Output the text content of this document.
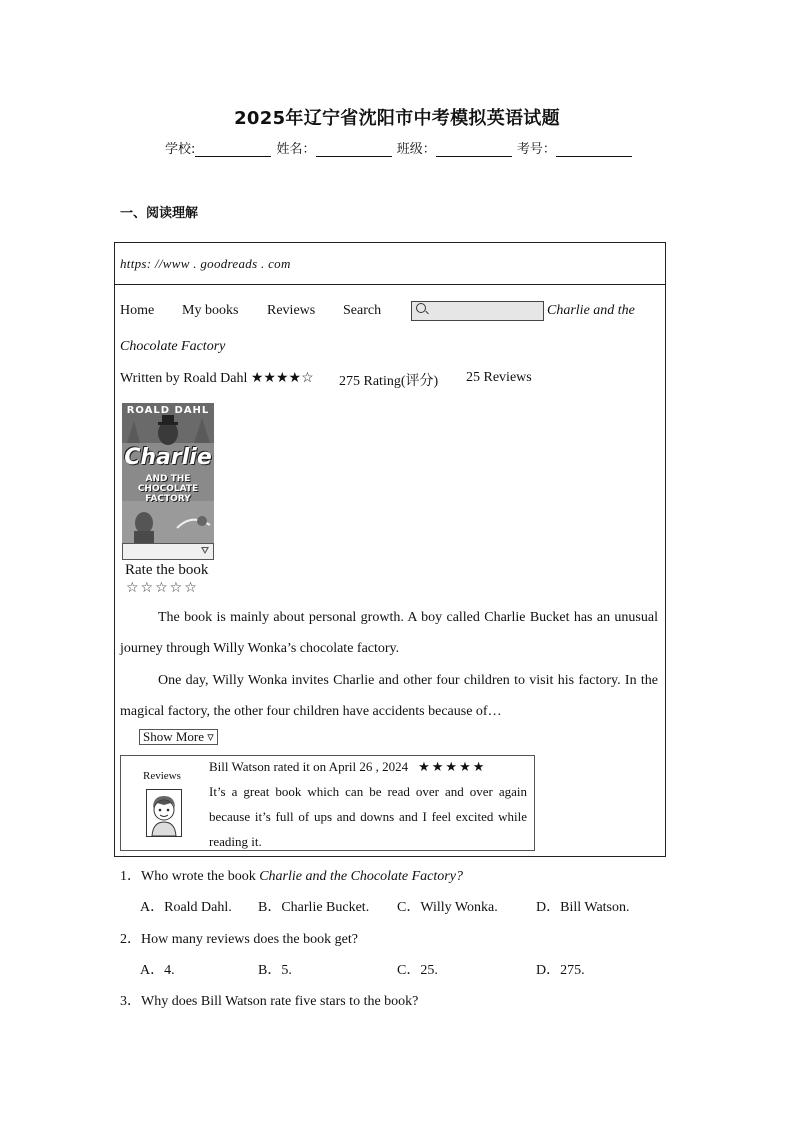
2025年辽宁省沈阳市中考模拟英语试题
学校:	姓名：	班级：	考号：
一、阅读理解
https: //www . goodreads . com
Home My books Reviews Search	Charlie and the
Chocolate Factory
Written by Roald Dahl ★★★★☆ 275 Rating(评分) 25 Reviews
ROALD DAHL
Charlie
AND THE
CHOCOLATE
FACTORY
Rate the book
☆☆☆☆☆
The book is mainly about personal growth. A boy called Charlie Bucket has an unusual journey through Willy Wonka’s chocolate factory.
One day, Willy Wonka invites Charlie and other four children to visit his factory. In the magical factory, the other four children have accidents because of…
Show More ▿
Reviews
Bill Watson rated it on April 26 , 2024 ★★★★★
It’s a great book which can be read over and over again because it’s full of ups and downs and I feel excited while reading it.
1．Who wrote the book Charlie and the Chocolate Factory?
A．Roald Dahl. B．Charlie Bucket. C．Willy Wonka.	D．Bill Watson.
2．How many reviews does the book get?
A．4.	B．5.	C．25.	D．275.
3．Why does Bill Watson rate five stars to the book?
